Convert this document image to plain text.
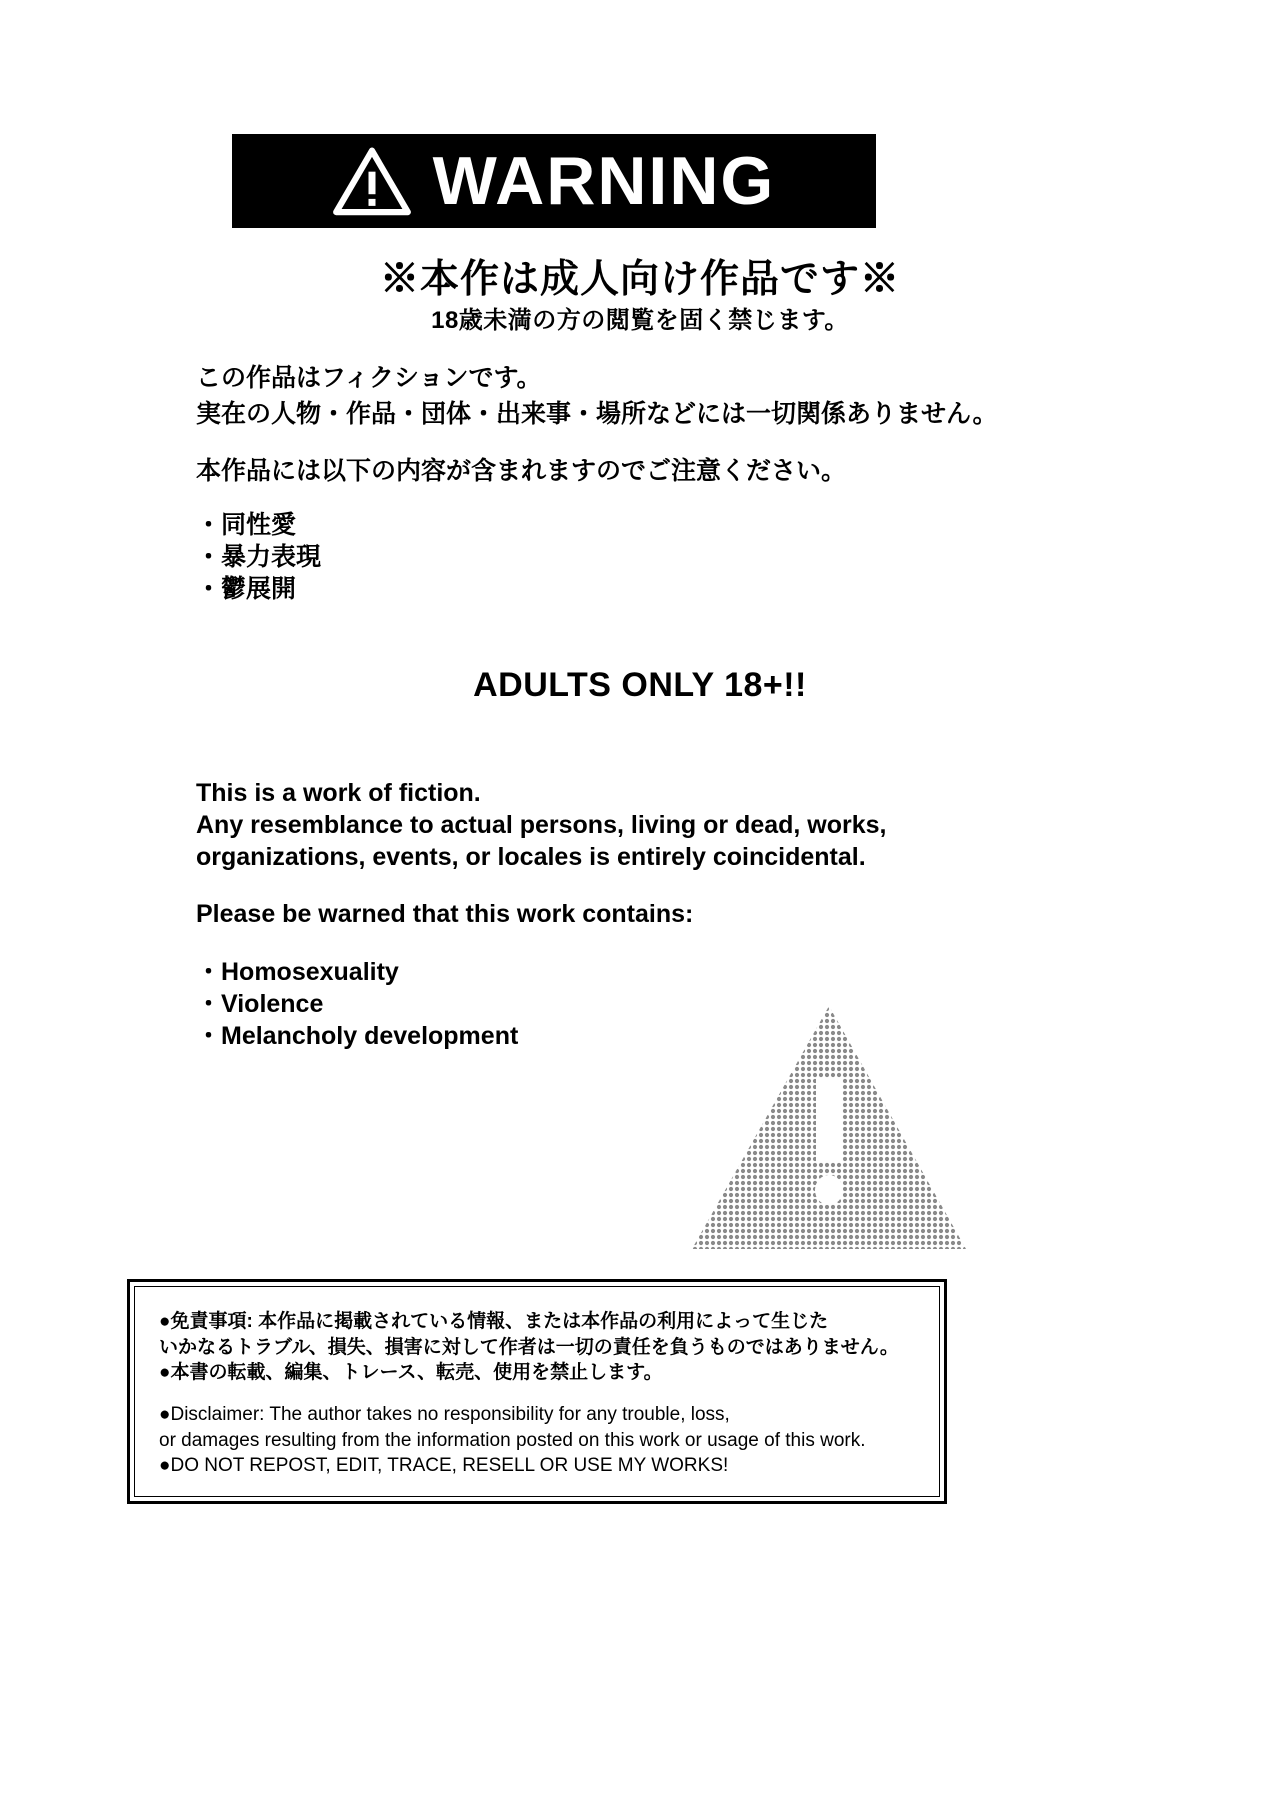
WARNING
※本作は成人向け作品です※
18歳未満の方の閲覧を固く禁じます。
この作品はフィクションです。
実在の人物・作品・団体・出来事・場所などには一切関係ありません。
本作品には以下の内容が含まれますのでご注意ください。
・同性愛
・暴力表現
・鬱展開
ADULTS ONLY 18+!!
This is a work of fiction.
Any resemblance to actual persons, living or dead, works,
organizations, events, or locales is entirely coincidental.
Please be warned that this work contains:
・Homosexuality
・Violence
・Melancholy development
●免責事項: 本作品に掲載されている情報、または本作品の利用によって生じた
いかなるトラブル、損失、損害に対して作者は一切の責任を負うものではありません。
●本書の転載、編集、トレース、転売、使用を禁止します。
●Disclaimer: The author takes no responsibility for any trouble, loss,
or damages resulting from the information posted on this work or usage of this work.
●DO NOT REPOST, EDIT, TRACE, RESELL OR USE MY WORKS!
